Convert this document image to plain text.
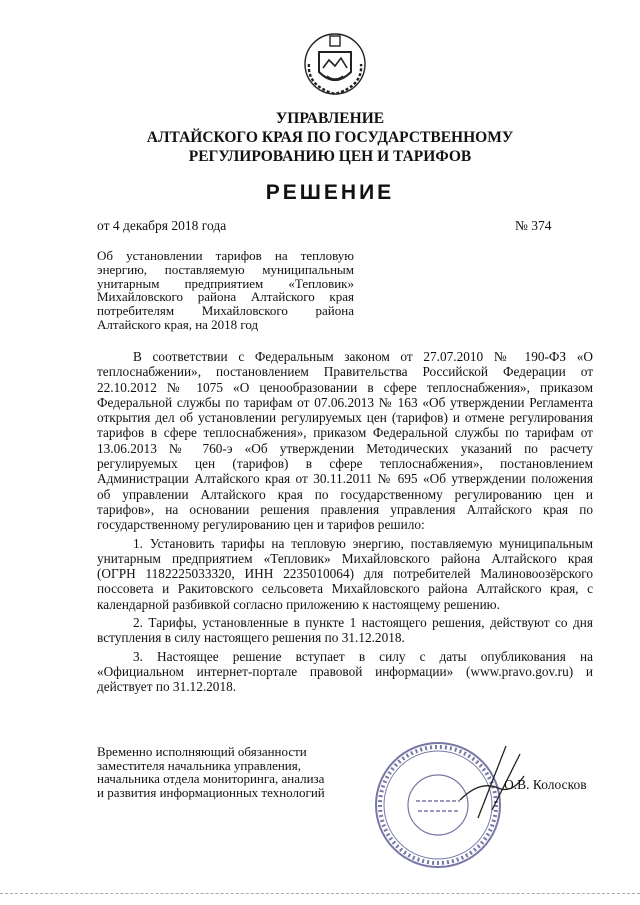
УПРАВЛЕНИЕ
АЛТАЙСКОГО КРАЯ ПО ГОСУДАРСТВЕННОМУ
РЕГУЛИРОВАНИЮ ЦЕН И ТАРИФОВ
РЕШЕНИЕ
от 4 декабря 2018 года	№ 374
Об установлении тарифов на тепловую
энергию, поставляемую муниципальным
унитарным предприятием «Тепловик»
Михайловского района Алтайского края
потребителям Михайловского района
Алтайского края, на 2018 год
В соответствии с Федеральным законом от 27.07.2010 № 190-ФЗ «О
теплоснабжении», постановлением Правительства Российской Федерации от
22.10.2012 № 1075 «О ценообразовании в сфере теплоснабжения», приказом
Федеральной службы по тарифам от 07.06.2013 № 163 «Об утверждении Регламента
открытия дел об установлении регулируемых цен (тарифов) и отмене регулирования
тарифов в сфере теплоснабжения», приказом Федеральной службы по тарифам от
13.06.2013 № 760-э «Об утверждении Методических указаний по расчету
регулируемых цен (тарифов) в сфере теплоснабжения», постановлением
Администрации Алтайского края от 30.11.2011 № 695 «Об утверждении положения
об управлении Алтайского края по государственному регулированию цен и
тарифов», на основании решения правления управления Алтайского края по
государственному регулированию цен и тарифов решило:
1. Установить тарифы на тепловую энергию, поставляемую муниципальным
унитарным предприятием «Тепловик» Михайловского района Алтайского края
(ОГРН 1182225033320, ИНН 2235010064) для потребителей Малиновоозёрского
поссовета и Ракитовского сельсовета Михайловского района Алтайского края, с
календарной разбивкой согласно приложению к настоящему решению.
2. Тарифы, установленные в пункте 1 настоящего решения, действуют со дня
вступления в силу настоящего решения по 31.12.2018.
3. Настоящее решение вступает в силу с даты опубликования на
«Официальном интернет-портале правовой информации» (www.pravo.gov.ru) и
действует по 31.12.2018.
Временно исполняющий обязанности
заместителя начальника управления,
начальника отдела мониторинга, анализа
и развития информационных технологий
О.В. Колосков
